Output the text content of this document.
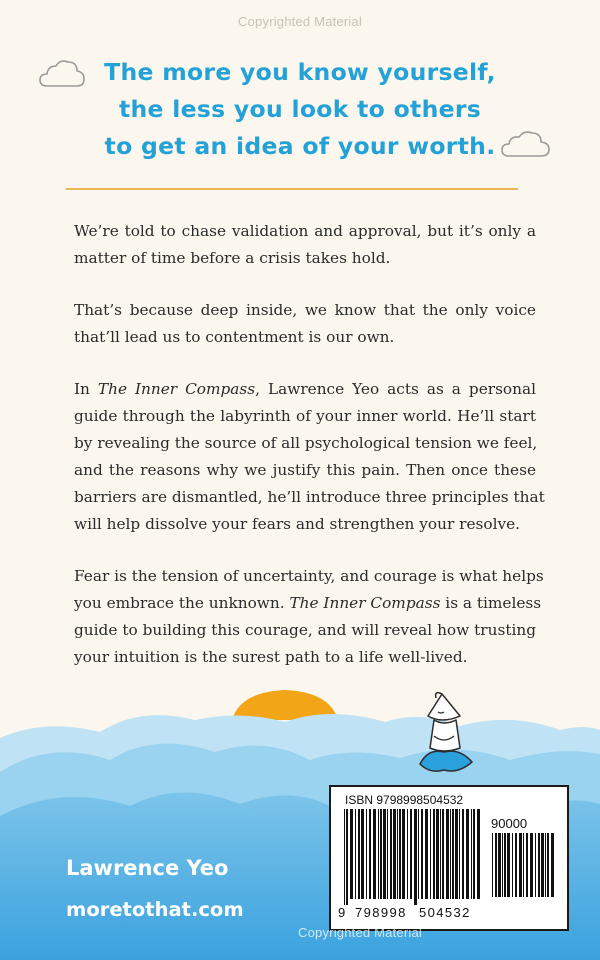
Copyrighted Material
The more you know yourself,
the less you look to others
to get an idea of your worth.

We’re told to chase validation and approval, but it’s only a
matter of time before a crisis takes hold.

That’s because deep inside, we know that the only voice
that’ll lead us to contentment is our own.

In The Inner Compass, Lawrence Yeo acts as a personal
guide through the labyrinth of your inner world. He’ll start
by revealing the source of all psychological tension we feel,
and the reasons why we justify this pain. Then once these
barriers are dismantled, he’ll introduce three principles that
will help dissolve your fears and strengthen your resolve.

Fear is the tension of uncertainty, and courage is what helps
you embrace the unknown. The Inner Compass is a timeless
guide to building this courage, and will reveal how trusting
your intuition is the surest path to a life well-lived.

Lawrence Yeo
moretothat.com
ISBN 9798998504532
90000
9 798998 504532
Copyrighted Material
